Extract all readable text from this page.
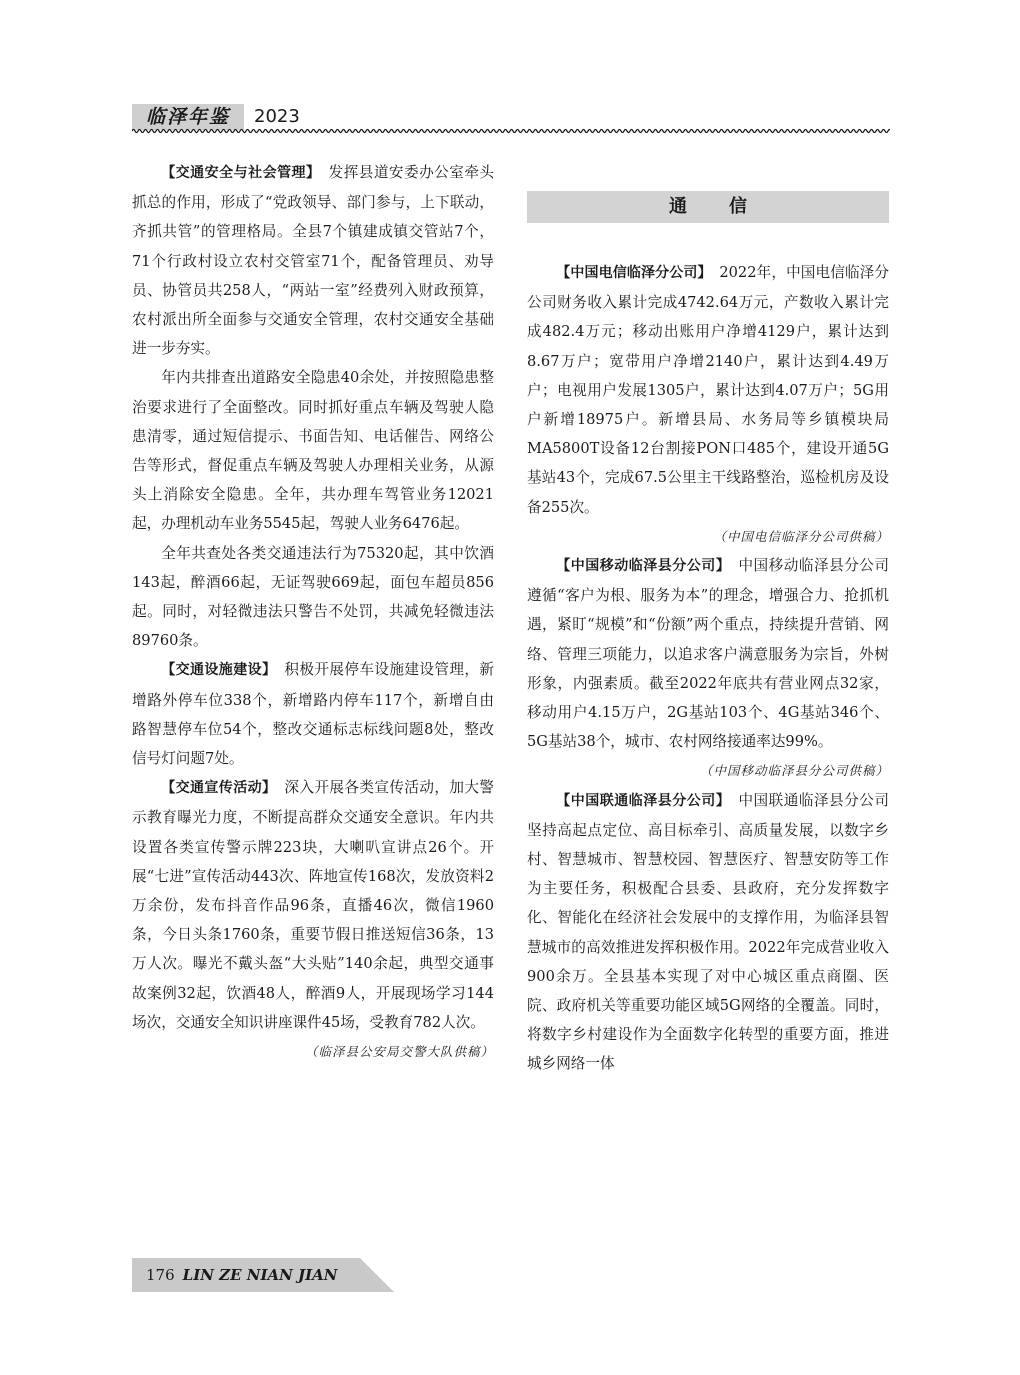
临泽年鉴	2023

【交通安全与社会管理】　发挥县道安委办公室牵头抓总的作用，形成了“党政领导、部门参与，上下联动，齐抓共管”的管理格局。全县7个镇建成镇交管站7个，71个行政村设立农村交管室71个，配备管理员、劝导员、协管员共258人，“两站一室”经费列入财政预算，农村派出所全面参与交通安全管理，农村交通安全基础进一步夯实。

年内共排查出道路安全隐患40余处，并按照隐患整治要求进行了全面整改。同时抓好重点车辆及驾驶人隐患清零，通过短信提示、书面告知、电话催告、网络公告等形式，督促重点车辆及驾驶人办理相关业务，从源头上消除安全隐患。全年，共办理车驾管业务12021起，办理机动车业务5545起，驾驶人业务6476起。

全年共查处各类交通违法行为75320起，其中饮酒143起，醉酒66起，无证驾驶669起，面包车超员856起。同时，对轻微违法只警告不处罚，共减免轻微违法89760条。

【交通设施建设】　积极开展停车设施建设管理，新增路外停车位338个，新增路内停车117个，新增自由路智慧停车位54个，整改交通标志标线问题8处，整改信号灯问题7处。

【交通宣传活动】　深入开展各类宣传活动，加大警示教育曝光力度，不断提高群众交通安全意识。年内共设置各类宣传警示牌223块，大喇叭宣讲点26个。开展“七进”宣传活动443次、阵地宣传168次，发放资料2万余份，发布抖音作品96条，直播46次，微信1960条，今日头条1760条，重要节假日推送短信36条，13万人次。曝光不戴头盔“大头贴”140余起，典型交通事故案例32起，饮酒48人，醉酒9人，开展现场学习144场次，交通安全知识讲座课件45场，受教育782人次。

（临泽县公安局交警大队供稿）

通信

【中国电信临泽分公司】　2022年，中国电信临泽分公司财务收入累计完成4742.64万元，产数收入累计完成482.4万元；移动出账用户净增4129户，累计达到8.67万户；宽带用户净增2140户，累计达到4.49万户；电视用户发展1305户，累计达到4.07万户；5G用户新增18975户。新增县局、水务局等乡镇模块局MA5800T设备12台割接PON口485个，建设开通5G基站43个，完成67.5公里主干线路整治，巡检机房及设备255次。

（中国电信临泽分公司供稿）

【中国移动临泽县分公司】　中国移动临泽县分公司遵循“客户为根、服务为本”的理念，增强合力、抢抓机遇，紧盯“规模”和“份额”两个重点，持续提升营销、网络、管理三项能力，以追求客户满意服务为宗旨，外树形象，内强素质。截至2022年底共有营业网点32家，移动用户4.15万户，2G基站103个、4G基站346个、5G基站38个，城市、农村网络接通率达99%。

（中国移动临泽县分公司供稿）

【中国联通临泽县分公司】　中国联通临泽县分公司坚持高起点定位、高目标牵引、高质量发展，以数字乡村、智慧城市、智慧校园、智慧医疗、智慧安防等工作为主要任务，积极配合县委、县政府，充分发挥数字化、智能化在经济社会发展中的支撑作用，为临泽县智慧城市的高效推进发挥积极作用。2022年完成营业收入900余万。全县基本实现了对中心城区重点商圈、医院、政府机关等重要功能区域5G网络的全覆盖。同时，将数字乡村建设作为全面数字化转型的重要方面，推进城乡网络一体

176 LIN ZE NIAN JIAN
